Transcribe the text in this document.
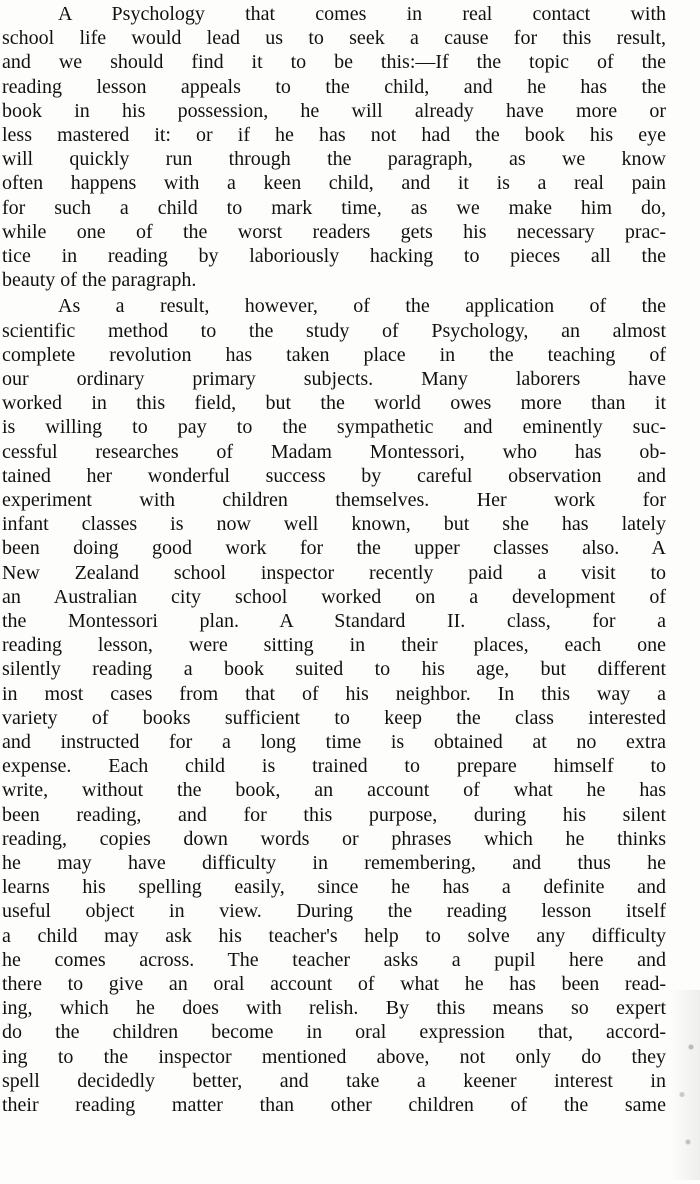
A Psychology that comes in real contact with
school life would lead us to seek a cause for this result,
and we should find it to be this:—If the topic of the
reading lesson appeals to the child, and he has the
book in his possession, he will already have more or
less mastered it: or if he has not had the book his eye
will quickly run through the paragraph, as we know
often happens with a keen child, and it is a real pain
for such a child to mark time, as we make him do,
while one of the worst readers gets his necessary prac-
tice in reading by laboriously hacking to pieces all the
beauty of the paragraph.
As a result, however, of the application of the
scientific method to the study of Psychology, an almost
complete revolution has taken place in the teaching of
our ordinary primary subjects. Many laborers have
worked in this field, but the world owes more than it
is willing to pay to the sympathetic and eminently suc-
cessful researches of Madam Montessori, who has ob-
tained her wonderful success by careful observation and
experiment with children themselves. Her work for
infant classes is now well known, but she has lately
been doing good work for the upper classes also. A
New Zealand school inspector recently paid a visit to
an Australian city school worked on a development of
the Montessori plan. A Standard II. class, for a
reading lesson, were sitting in their places, each one
silently reading a book suited to his age, but different
in most cases from that of his neighbor. In this way a
variety of books sufficient to keep the class interested
and instructed for a long time is obtained at no extra
expense. Each child is trained to prepare himself to
write, without the book, an account of what he has
been reading, and for this purpose, during his silent
reading, copies down words or phrases which he thinks
he may have difficulty in remembering, and thus he
learns his spelling easily, since he has a definite and
useful object in view. During the reading lesson itself
a child may ask his teacher's help to solve any difficulty
he comes across. The teacher asks a pupil here and
there to give an oral account of what he has been read-
ing, which he does with relish. By this means so expert
do the children become in oral expression that, accord-
ing to the inspector mentioned above, not only do they
spell decidedly better, and take a keener interest in
their reading matter than other children of the same
